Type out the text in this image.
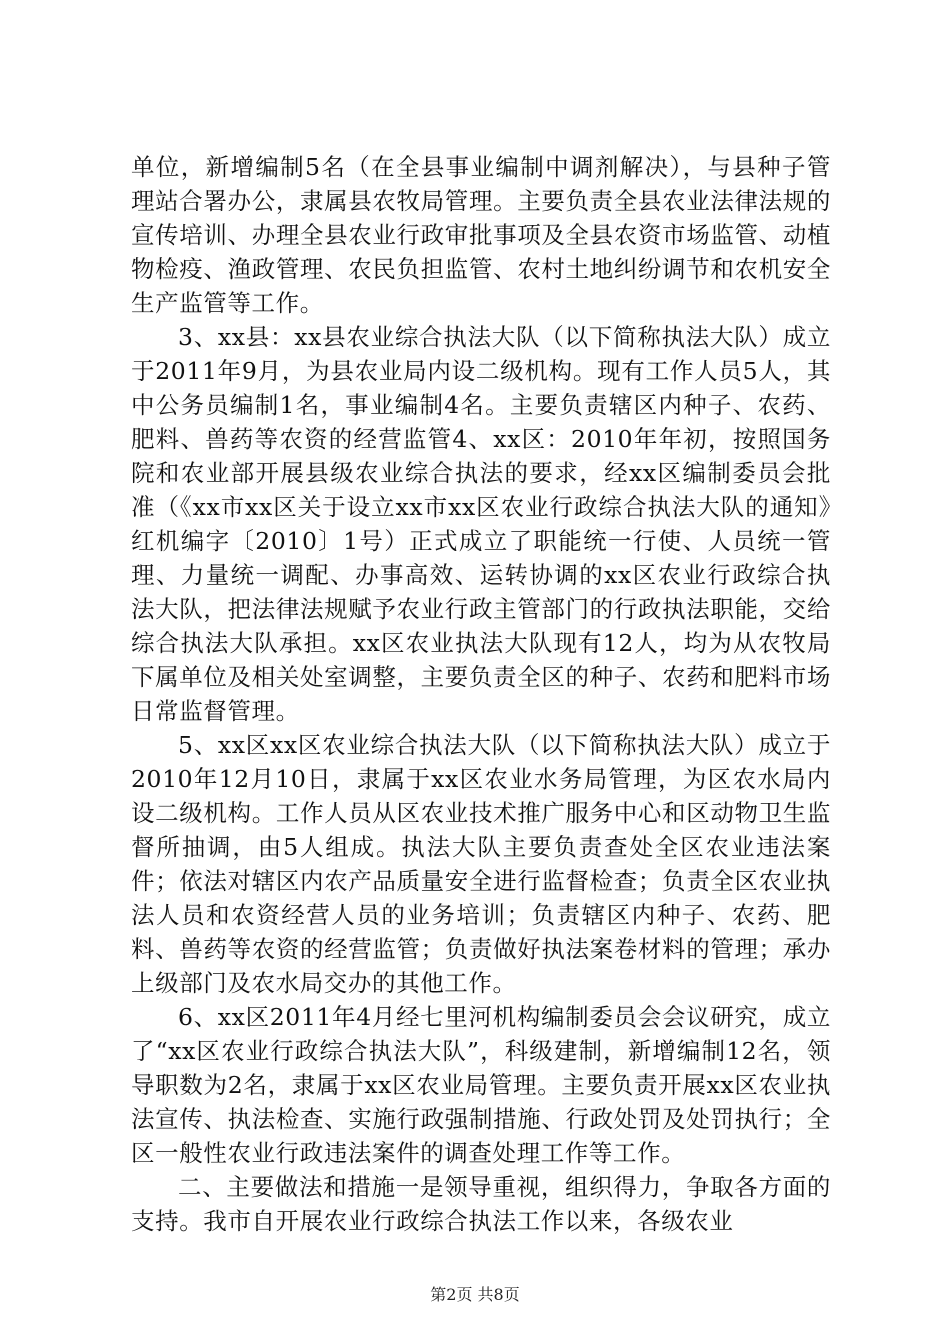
单位，新增编制5名（在全县事业编制中调剂解决），与县种子管理站合署办公，隶属县农牧局管理。主要负责全县农业法律法规的宣传培训、办理全县农业行政审批事项及全县农资市场监管、动植物检疫、渔政管理、农民负担监管、农村土地纠纷调节和农机安全生产监管等工作。

3、xx县：xx县农业综合执法大队（以下简称执法大队）成立于2011年9月，为县农业局内设二级机构。现有工作人员5人，其中公务员编制1名，事业编制4名。主要负责辖区内种子、农药、肥料、兽药等农资的经营监管4、xx区：2010年年初，按照国务院和农业部开展县级农业综合执法的要求，经xx区编制委员会批准（《xx市xx区关于设立xx市xx区农业行政综合执法大队的通知》红机编字〔2010〕1号）正式成立了职能统一行使、人员统一管理、力量统一调配、办事高效、运转协调的xx区农业行政综合执法大队，把法律法规赋予农业行政主管部门的行政执法职能，交给综合执法大队承担。xx区农业执法大队现有12人，均为从农牧局下属单位及相关处室调整，主要负责全区的种子、农药和肥料市场日常监督管理。

5、xx区xx区农业综合执法大队（以下简称执法大队）成立于2010年12月10日，隶属于xx区农业水务局管理，为区农水局内设二级机构。工作人员从区农业技术推广服务中心和区动物卫生监督所抽调，由5人组成。执法大队主要负责查处全区农业违法案件；依法对辖区内农产品质量安全进行监督检查；负责全区农业执法人员和农资经营人员的业务培训；负责辖区内种子、农药、肥料、兽药等农资的经营监管；负责做好执法案卷材料的管理；承办上级部门及农水局交办的其他工作。

6、xx区2011年4月经七里河机构编制委员会会议研究，成立了“xx区农业行政综合执法大队”，科级建制，新增编制12名，领导职数为2名，隶属于xx区农业局管理。主要负责开展xx区农业执法宣传、执法检查、实施行政强制措施、行政处罚及处罚执行；全区一般性农业行政违法案件的调查处理工作等工作。

二、主要做法和措施一是领导重视，组织得力，争取各方面的支持。我市自开展农业行政综合执法工作以来，各级农业

第2页 共8页
